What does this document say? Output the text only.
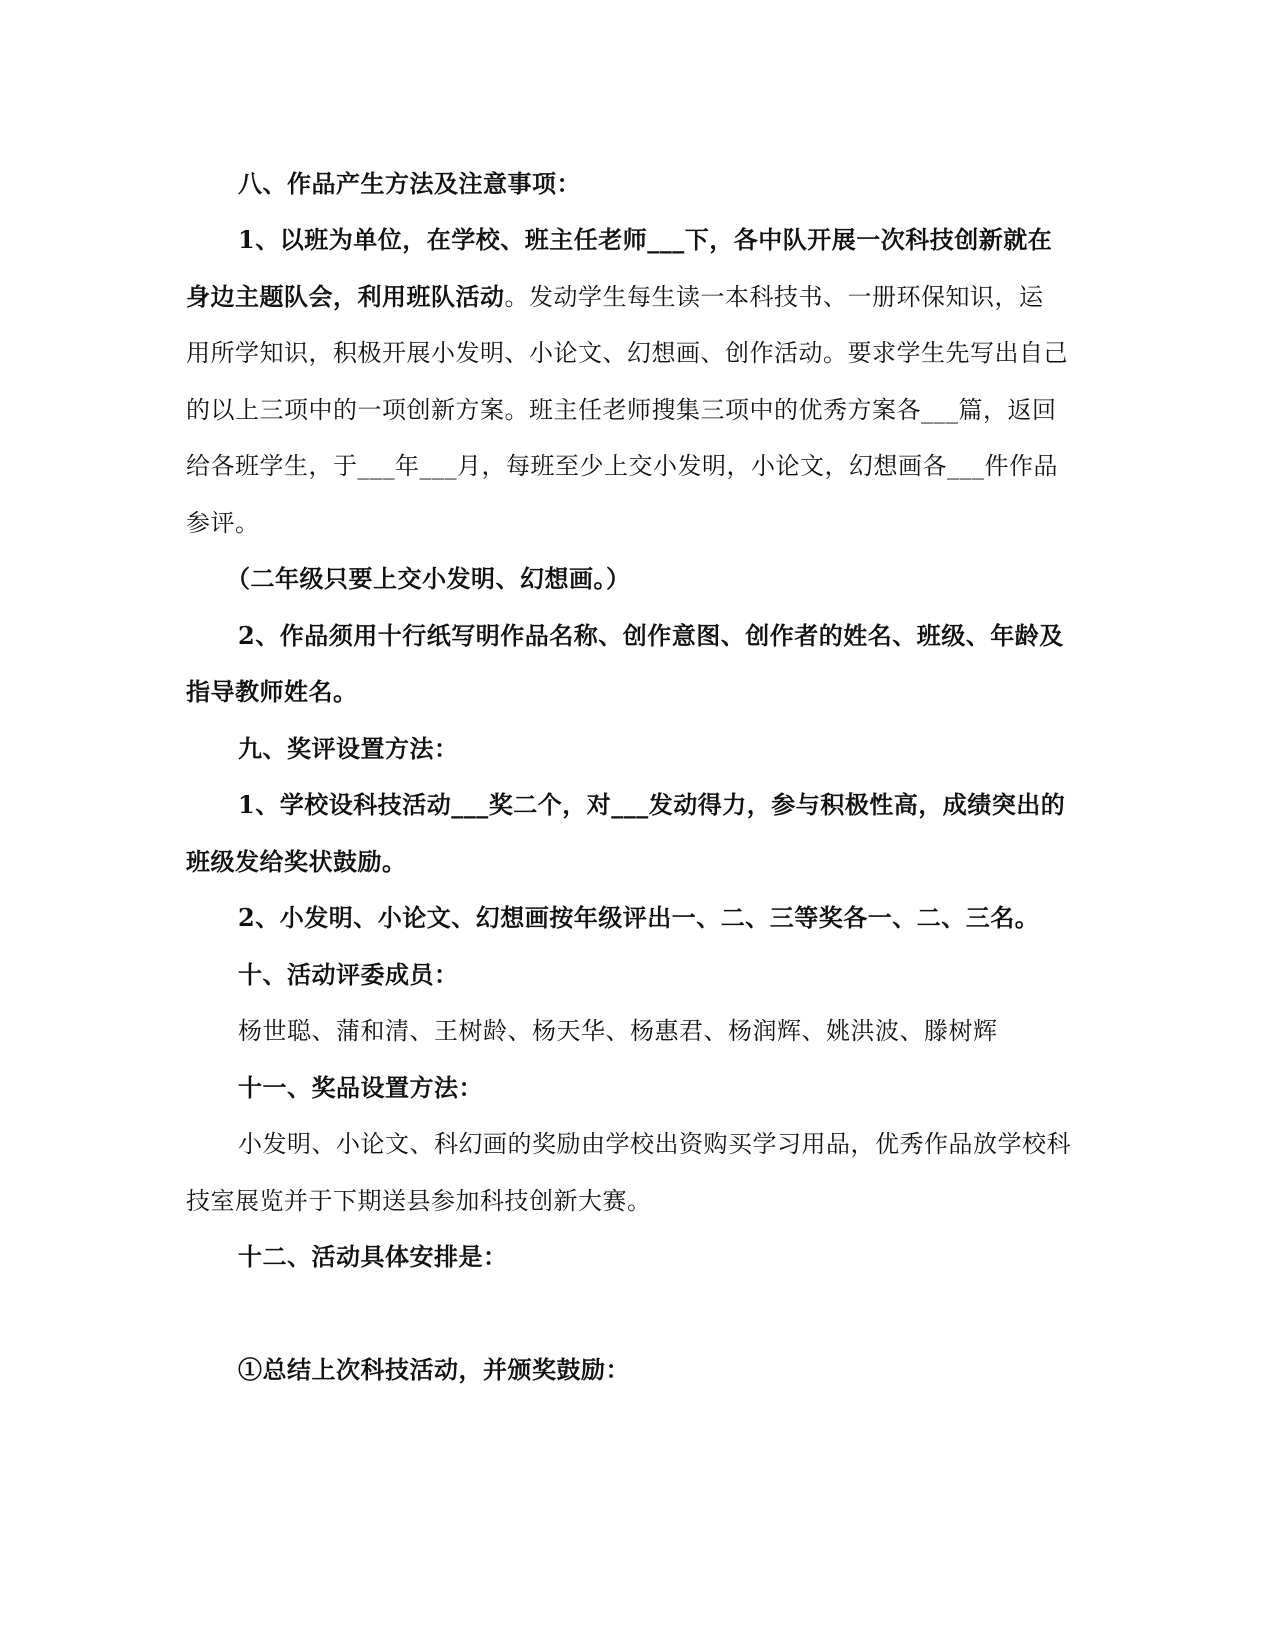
八、作品产生方法及注意事项：
1、以班为单位，在学校、班主任老师___下，各中队开展一次科技创新就在
身边主题队会，利用班队活动。发动学生每生读一本科技书、一册环保知识，运
用所学知识，积极开展小发明、小论文、幻想画、创作活动。要求学生先写出自己
的以上三项中的一项创新方案。班主任老师搜集三项中的优秀方案各___篇，返回
给各班学生，于___年___月，每班至少上交小发明，小论文，幻想画各___件作品
参评。
（二年级只要上交小发明、幻想画。）
2、作品须用十行纸写明作品名称、创作意图、创作者的姓名、班级、年龄及
指导教师姓名。
九、奖评设置方法：
1、学校设科技活动___奖二个，对___发动得力，参与积极性高，成绩突出的
班级发给奖状鼓励。
2、小发明、小论文、幻想画按年级评出一、二、三等奖各一、二、三名。
十、活动评委成员：
杨世聪、蒲和清、王树龄、杨天华、杨惠君、杨润辉、姚洪波、滕树辉
十一、奖品设置方法：
小发明、小论文、科幻画的奖励由学校出资购买学习用品，优秀作品放学校科
技室展览并于下期送县参加科技创新大赛。
十二、活动具体安排是：
①总结上次科技活动，并颁奖鼓励：
